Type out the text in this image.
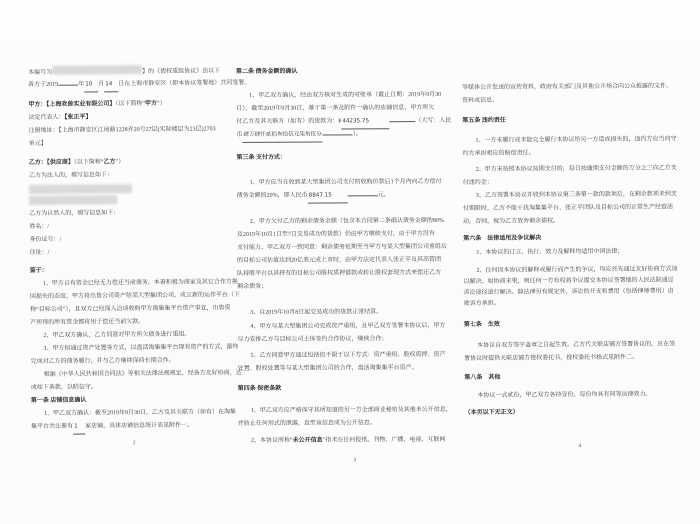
本编号为	】的《债权重组协议》由以下
各方于2019	年10 月14 日在上海市静安区（即本协议签署地）共同签署。
甲方：【上海欢兽实业有限公司】（以下简称“甲方”）
法定代表人：【张正平】
注册地址：【上海市静安区江场路1228弄20号27层(实际楼层为23层)2703
单元】
乙方：【供应商】（以下简称“乙方”）
乙方为法人的，填写信息如下：
乙方为自然人的，填写信息如下：
姓名：/
身份证号：/
住址：/
鉴于：
1、甲方自有资金已经无力偿还当前债务，本着积极为商家及其它合作方挽
回损失的态度，甲方将出售公司资产给某大型集团公司，成立新的运作平台（下
称“目标公司”），且双方已经深入洽谈收购甲方淘集集平台资产事宜，出售资
产所得的所有资金都将用于偿还当前欠款。
2、甲乙双方确认，乙方同意对甲方所欠债务进行重组。
3、甲方拟通过资产处置等方式，以盘活淘集集平台现有资产的方式，最终
完成对乙方的债务履行，并与乙方继续保持长期合作。
根据《中华人民共和国合同法》等相关法律法规规定，经各方友好协商，达
成如下条款，以昭信守。
第一条 店铺信息确认
1、甲乙双方确认：截至2019年9月30日，乙方及其关联方（如有）在淘集
集平台共注册有1 家店铺，具体店铺信息统计表见附件一。
2
第二条 债务金额的确认
1、甲乙双方确认，经由双方核对生成的对账单（截止日期：2019年9月30
日），截至2019年9月30日，基于第一条及附件一确认的店铺信息，甲方所欠
付乙方及其关联方（如有）的货款为：¥44235.75	（大写：人民
币肆万肆仟贰佰叁拾伍元柒角伍分	）。
第三条 支付方式：
1、甲方应当在收到某大型集团公司支付的收购价款后1个月内向乙方偿付
债务金额的20%，即人民币8847.15	元。
2、甲方欠付乙方的剩余债务金额（包含本合同第二条确认债务金额的80%
及2019年10月1日至7日交易成功的货款）仍由甲方继续支付，由于甲方没有
支付能力，甲乙双方一致同意：剩余债务延期至当甲方与某大型集团公司重组后
的目标公司估值达到20亿美元或上市时，由甲方法定代表人张正平及其高管团
队持股平台以其持有的目标公司股权质押借款或转让股权套现方式来偿还乙方
剩余债务；
3、自2019年10月8日起交易成功的货款正常结算。
4、甲方与某大型集团公司完成资产重组，且甲乙双方签署本协议后，甲方
尽力安排乙方与目标公司主体签约合作协议，继续合作；
5、乙方同意甲方通过包括但不限于以下方式：资产重组、股权质押、资产
处置、股权处置等与某大型集团公司的合作，盘活淘集集平台资产。
第四条 保密条款
1、甲乙双方应严格保守其所知道的另一方全部商业秘密及其他未公开信息，
并防止任何形式的泄露，直至该信息成为公开信息。
2、本协议所称“未公开信息”指未在任何报纸、刊物、广播、电视、互联网
3
等媒体公开发送的宣传资料，政府有关部门及其他公开场合向公众披露的文件、
资料或信息。
第五条 违约责任
1、一方未履行或未能完全履行本协议给另一方造成损失的，违约方应当向守
约方承担相应的赔偿责任。
2、甲方未按照本协议按期支付的，每日按逾期支付金额的万分之三向乙方支
付违约金；
3、乙方签署本协议并收到本协议第三条第一款的款项后，在剩余款项未到支
付期限时，乙方不能干扰淘集集平台、张正平团队及目标公司的正常生产经营活
动。否则，视为乙方放弃剩余债权。
第六条　法律适用及争议解决
1、本协议的订立、执行、效力及解释均适用中国法律；
2、任何因本协议的解释或履行而产生的争议，均应首先通过友好协商方式加
以解决。如协商未果，则任何一方有权将争议提交本协议签署地的人民法院通过
诉讼途径进行解决。除法律另有规定外，诉讼的开支和费用（包括律师费用）由
败诉方承担。
第七条　生效
本协议自双方签字盖章之日起生效。乙方代关联店铺方签署协议的，应在签
署协议时提供关联店铺方授权委托书，授权委托书格式见附件二。
第八条　其他
本协议一式贰份，甲乙双方各持壹份，每份均具有同等法律效力。
（本页以下无正文）
4
